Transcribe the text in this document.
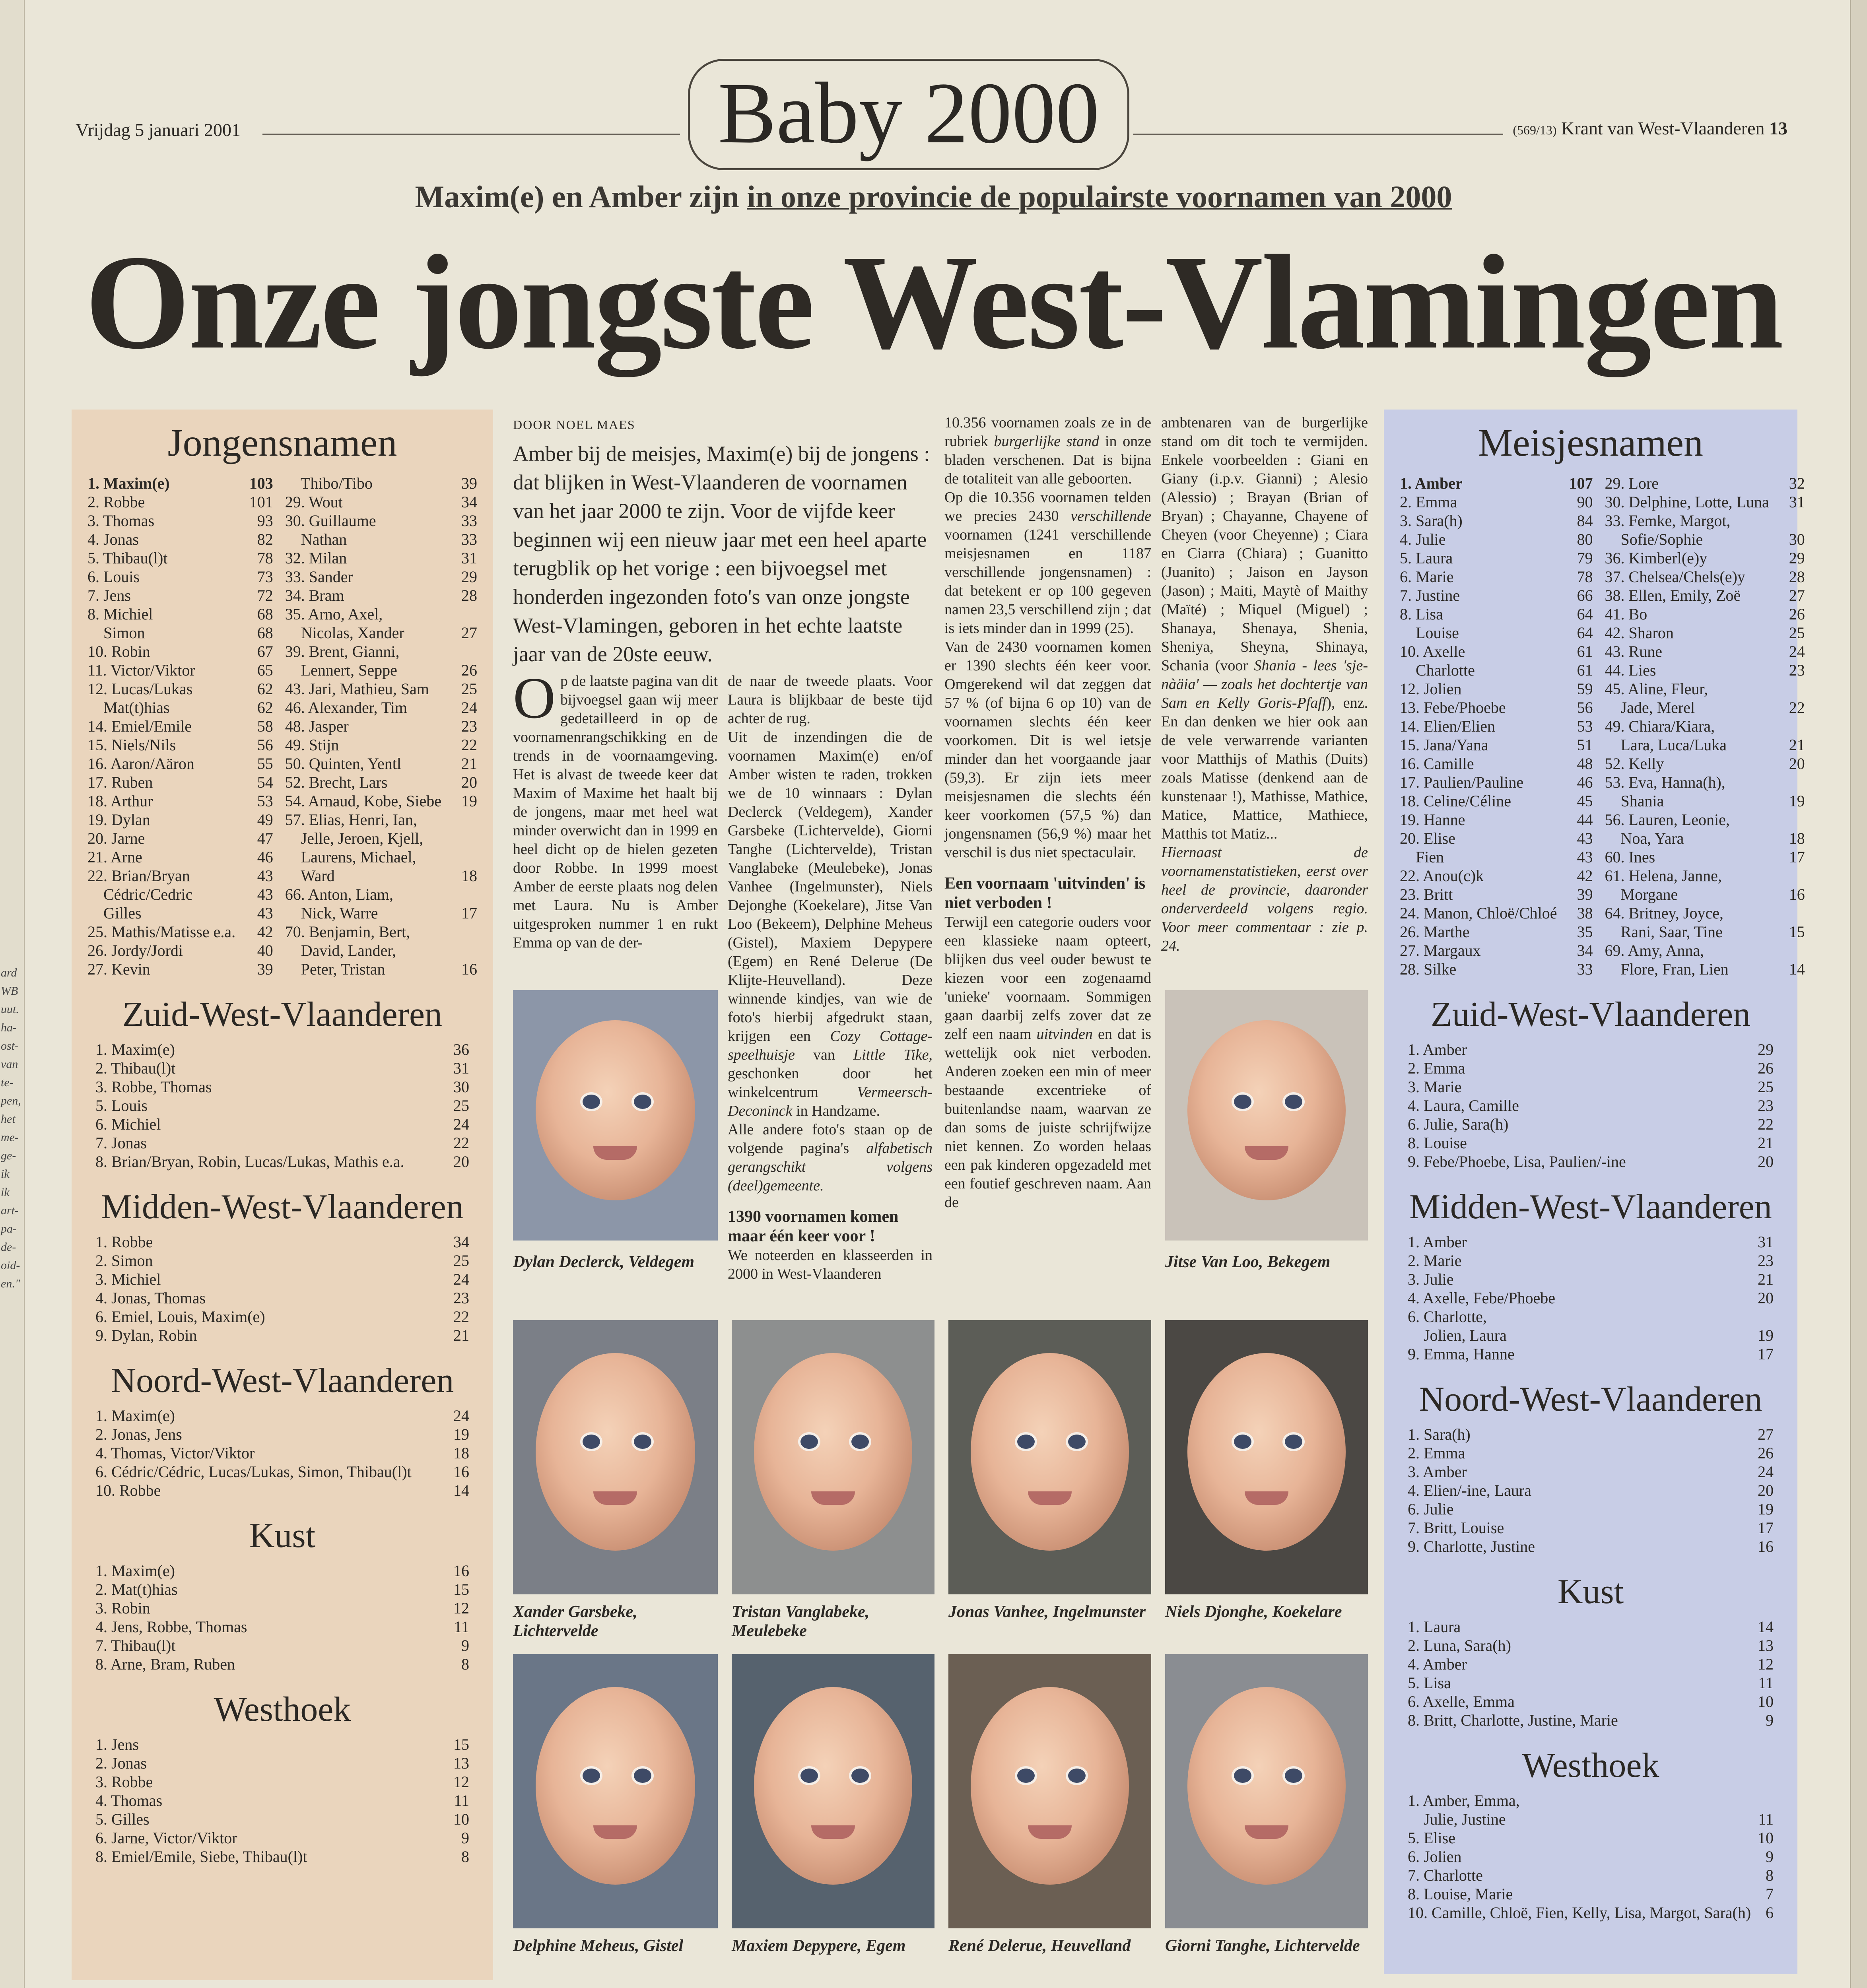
ard
WB
uut.
ha-
ost-
van
te-
pen,
het
me-
ge-
ik
ik
art-
pa-
de-
oid-
en."
Vrijdag 5 januari 2001	Baby 2000	(569/13) Krant van West-Vlaanderen 13
Maxim(e) en Amber zijn in onze provincie de populairste voornamen van 2000
Onze jongste West-Vlamingen
Jongensnamen
1. Maxim(e)	103
2. Robbe	101
3. Thomas	93
4. Jonas	82
5. Thibau(l)t	78
6. Louis	73
7. Jens	72
8. Michiel	68
Simon	68
10. Robin	67
11. Victor/Viktor	65
12. Lucas/Lukas	62
Mat(t)hias	62
14. Emiel/Emile	58
15. Niels/Nils	56
16. Aaron/Aäron	55
17. Ruben	54
18. Arthur	53
19. Dylan	49
20. Jarne	47
21. Arne	46
22. Brian/Bryan	43
Cédric/Cedric	43
Gilles	43
25. Mathis/Matisse e.a.	42
26. Jordy/Jordi	40
27. Kevin	39
Thibo/Tibo	39
29. Wout	34
30. Guillaume	33
Nathan	33
32. Milan	31
33. Sander	29
34. Bram	28
35. Arno, Axel,
Nicolas, Xander	27
39. Brent, Gianni,
Lennert, Seppe	26
43. Jari, Mathieu, Sam	25
46. Alexander, Tim	24
48. Jasper	23
49. Stijn	22
50. Quinten, Yentl	21
52. Brecht, Lars	20
54. Arnaud, Kobe, Siebe	19
57. Elias, Henri, Ian,
Jelle, Jeroen, Kjell,
Laurens, Michael,
Ward	18
66. Anton, Liam,
Nick, Warre	17
70. Benjamin, Bert,
David, Lander,
Peter, Tristan	16
Zuid-West-Vlaanderen
1. Maxim(e)	36
2. Thibau(l)t	31
3. Robbe, Thomas	30
5. Louis	25
6. Michiel	24
7. Jonas	22
8. Brian/Bryan, Robin, Lucas/Lukas, Mathis e.a.	20
Midden-West-Vlaanderen
1. Robbe	34
2. Simon	25
3. Michiel	24
4. Jonas, Thomas	23
6. Emiel, Louis, Maxim(e)	22
9. Dylan, Robin	21
Noord-West-Vlaanderen
1. Maxim(e)	24
2. Jonas, Jens	19
4. Thomas, Victor/Viktor	18
6. Cédric/Cédric, Lucas/Lukas, Simon, Thibau(l)t	16
10. Robbe	14
Kust
1. Maxim(e)	16
2. Mat(t)hias	15
3. Robin	12
4. Jens, Robbe, Thomas	11
7. Thibau(l)t	9
8. Arne, Bram, Ruben	8
Westhoek
1. Jens	15
2. Jonas	13
3. Robbe	12
4. Thomas	11
5. Gilles	10
6. Jarne, Victor/Viktor	9
8. Emiel/Emile, Siebe, Thibau(l)t	8
Meisjesnamen
1. Amber	107
2. Emma	90
3. Sara(h)	84
4. Julie	80
5. Laura	79
6. Marie	78
7. Justine	66
8. Lisa	64
Louise	64
10. Axelle	61
Charlotte	61
12. Jolien	59
13. Febe/Phoebe	56
14. Elien/Elien	53
15. Jana/Yana	51
16. Camille	48
17. Paulien/Pauline	46
18. Celine/Céline	45
19. Hanne	44
20. Elise	43
Fien	43
22. Anou(c)k	42
23. Britt	39
24. Manon, Chloë/Chloé	38
26. Marthe	35
27. Margaux	34
28. Silke	33
29. Lore	32
30. Delphine, Lotte, Luna	31
33. Femke, Margot,
Sofie/Sophie	30
36. Kimberl(e)y	29
37. Chelsea/Chels(e)y	28
38. Ellen, Emily, Zoë	27
41. Bo	26
42. Sharon	25
43. Rune	24
44. Lies	23
45. Aline, Fleur,
Jade, Merel	22
49. Chiara/Kiara,
Lara, Luca/Luka	21
52. Kelly	20
53. Eva, Hanna(h),
Shania	19
56. Lauren, Leonie,
Noa, Yara	18
60. Ines	17
61. Helena, Janne,
Morgane	16
64. Britney, Joyce,
Rani, Saar, Tine	15
69. Amy, Anna,
Flore, Fran, Lien	14
Zuid-West-Vlaanderen
1. Amber	29
2. Emma	26
3. Marie	25
4. Laura, Camille	23
6. Julie, Sara(h)	22
8. Louise	21
9. Febe/Phoebe, Lisa, Paulien/-ine	20
Midden-West-Vlaanderen
1. Amber	31
2. Marie	23
3. Julie	21
4. Axelle, Febe/Phoebe	20
6. Charlotte,
Jolien, Laura	19
9. Emma, Hanne	17
Noord-West-Vlaanderen
1. Sara(h)	27
2. Emma	26
3. Amber	24
4. Elien/-ine, Laura	20
6. Julie	19
7. Britt, Louise	17
9. Charlotte, Justine	16
Kust
1. Laura	14
2. Luna, Sara(h)	13
4. Amber	12
5. Lisa	11
6. Axelle, Emma	10
8. Britt, Charlotte, Justine, Marie	9
Westhoek
1. Amber, Emma,
Julie, Justine	11
5. Elise	10
6. Jolien	9
7. Charlotte	8
8. Louise, Marie	7
10. Camille, Chloë, Fien, Kelly, Lisa, Margot, Sara(h) 6
DOOR NOEL MAES
Amber bij de meisjes, Maxim(e) bij de jongens : dat blijken in West-Vlaanderen de voornamen van het jaar 2000 te zijn. Voor de vijfde keer beginnen wij een nieuw jaar met een heel aparte terugblik op het vorige : een bijvoegsel met honderden ingezonden foto's van onze jongste West-Vlamingen, geboren in het echte laatste jaar van de 20ste eeuw.

Op de laatste pagina van dit bijvoegsel gaan wij meer gedetailleerd in op de voornamenrangschikking en de trends in de voornaamgeving. Het is alvast de tweede keer dat Maxim of Maxime het haalt bij de jongens, maar met heel wat minder overwicht dan in 1999 en heel dicht op de hielen gezeten door Robbe. In 1999 moest Amber de eerste plaats nog delen met Laura. Nu is Amber uitgesproken nummer 1 en rukt Emma op van de der-

de naar de tweede plaats. Voor Laura is blijkbaar de beste tijd achter de rug.

Uit de inzendingen die de voornamen Maxim(e) en/of Amber wisten te raden, trokken we de 10 winnaars : Dylan Declerck (Veldegem), Xander Garsbeke (Lichtervelde), Giorni Tanghe (Lichtervelde), Tristan Vanglabeke (Meulebeke), Jonas Vanhee (Ingelmunster), Niels Dejonghe (Koekelare), Jitse Van Loo (Bekeem), Delphine Meheus (Gistel), Maxiem Depypere (Egem) en René Delerue (De Klijte-Heuvelland). Deze winnende kindjes, van wie de foto's hierbij afgedrukt staan, krijgen een Cozy Cottage-speelhuisje van Little Tike, geschonken door het winkelcentrum	Vermeersch-Deconinck in Handzame.

Alle andere foto's staan op de volgende pagina's alfabetisch gerangschikt volgens (deel)gemeente.

1390 voornamen komen maar één keer voor !

We noteerden en klasseerden in 2000 in West-Vlaanderen

10.356 voornamen zoals ze in de rubriek burgerlijke stand in onze bladen verschenen. Dat is bijna de totaliteit van alle geboorten.

Op die 10.356 voornamen telden we precies 2430 verschillende voornamen (1241 verschillende meisjesnamen en 1187 verschillende jongensnamen) : dat betekent er op 100 gegeven namen 23,5 verschillend zijn ; dat is iets minder dan in 1999 (25).

Van de 2430 voornamen komen er 1390 slechts één keer voor. Omgerekend wil dat zeggen dat 57 % (of bijna 6 op 10) van de voornamen slechts één keer voorkomen. Dit is wel ietsje minder dan het voorgaande jaar (59,3). Er zijn iets meer meisjesnamen die slechts één keer voorkomen (57,5 %) dan jongensnamen (56,9 %) maar het verschil is dus niet spectaculair.

Een voornaam 'uitvinden' is niet verboden !

Terwijl een categorie ouders voor een klassieke naam opteert, blijken dus veel ouder bewust te kiezen voor een zogenaamd 'unieke' voornaam. Sommigen gaan daarbij zelfs zover dat ze zelf een naam uitvinden en dat is wettelijk ook niet verboden. Anderen zoeken een min of meer bestaande excentrieke of buitenlandse naam, waarvan ze dan soms de juiste schrijfwijze niet kennen. Zo worden helaas een pak kinderen opgezadeld met een foutief geschreven naam. Aan de

ambtenaren van de burgerlijke stand om dit toch te vermijden. Enkele voorbeelden : Giani en Giany (i.p.v. Gianni) ; Alesio (Alessio) ; Brayan (Brian of Bryan) ; Chayanne, Chayene of Cheyen (voor Cheyenne) ; Ciara en Ciarra (Chiara) ; Guanitto (Juanito) ; Jaison en Jayson (Jason) ; Maiti, Maytè of Maithy (Maïté) ; Miquel (Miguel) ; Shanaya, Shenaya, Shenia, Sheniya, Sheyna, Shinaya, Schania (voor Shania - lees 'sje-nàäia' — zoals het dochtertje van Sam en Kelly Goris-Pfaff), enz. En dan denken we hier ook aan de vele verwarrende varianten voor Matthijs of Mathis (Duits) zoals Matisse (denkend aan de kunstenaar !), Mathisse, Mathice, Matice, Mattice, Mathiece, Matthis tot Matiz...

Hiernaast de voornamenstatistieken, eerst over heel de provincie, daaronder onderverdeeld volgens regio. Voor meer commentaar : zie p. 24.

Dylan Declerck, Veldegem	Jitse Van Loo, Bekegem
Xander Garsbeke, Lichtervelde
Tristan Vanglabeke, Meulebeke
Jonas Vanhee, Ingelmunster	Niels Djonghe, Koekelare
Delphine Meheus, Gistel	Maxiem Depypere, Egem	René Delerue, Heuvelland	Giorni Tanghe, Lichtervelde
